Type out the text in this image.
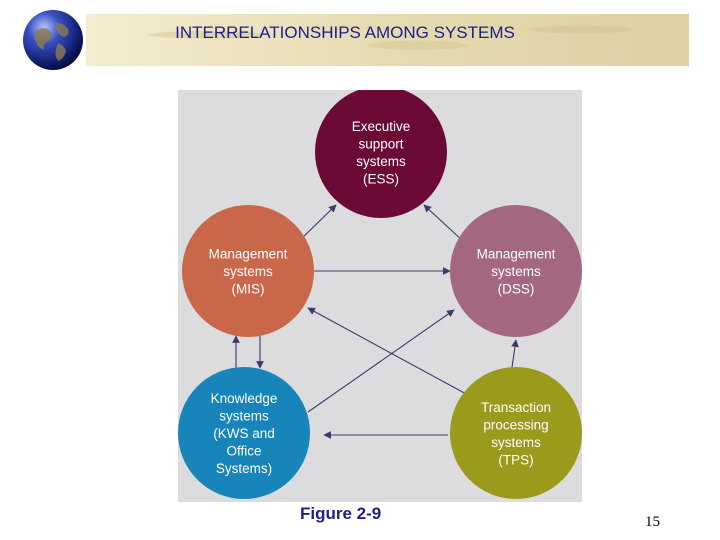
INTERRELATIONSHIPS AMONG SYSTEMS
Executive support systems (ESS)
Management systems (MIS)
Management systems (DSS)
Knowledge systems (KWS and Office Systems)
Transaction processing systems (TPS)
Figure 2-9	15
